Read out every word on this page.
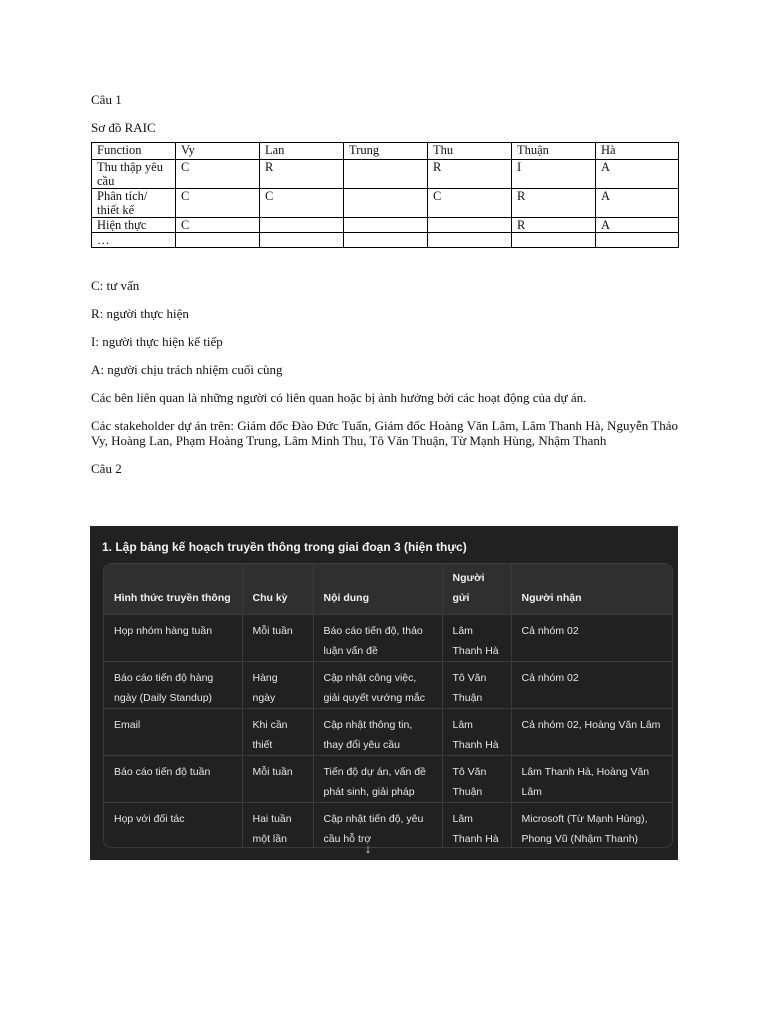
Câu 1

Sơ đồ RAIC

Function	Vy	Lan	Trung	Thu	Thuận	Hà
Thu thập yêu cầu	C	R		R	I	A
Phân tích/ thiết kế	C	C		C	R	A
Hiện thực	C				R	A
…						

C: tư vấn

R: người thực hiện

I: người thực hiện kế tiếp

A: người chịu trách nhiệm cuối cùng

Các bên liên quan là những người có liên quan hoặc bị ảnh hưởng bởi các hoạt động của dự án.

Các stakeholder dự án trên: Giám đốc Đào Đức Tuấn, Giám đốc Hoàng Văn Lâm, Lâm Thanh Hà, Nguyễn Thảo Vy, Hoàng Lan, Phạm Hoàng Trung, Lâm Minh Thu, Tô Văn Thuận, Từ Mạnh Hùng, Nhậm Thanh

Câu 2

1. Lập bảng kế hoạch truyền thông trong giai đoạn 3 (hiện thực)
Hình thức truyền thông	Chu kỳ	Nội dung	Người gửi	Người nhận
Họp nhóm hàng tuần	Mỗi tuần	Báo cáo tiến độ, thảo luận vấn đề	Lâm Thanh Hà	Cả nhóm 02
Báo cáo tiến độ hàng ngày (Daily Standup)	Hàng ngày	Cập nhật công việc, giải quyết vướng mắc	Tô Văn Thuận	Cả nhóm 02
Email	Khi cần thiết	Cập nhật thông tin, thay đổi yêu cầu	Lâm Thanh Hà	Cả nhóm 02, Hoàng Văn Lâm
Báo cáo tiến độ tuần	Mỗi tuần	Tiến độ dự án, vấn đề phát sinh, giải pháp	Tô Văn Thuận	Lâm Thanh Hà, Hoàng Văn Lâm
Họp với đối tác	Hai tuần một lần	Cập nhật tiến độ, yêu cầu hỗ trợ	Lâm Thanh Hà	Microsoft (Từ Mạnh Hùng), Phong Vũ (Nhậm Thanh)
↓
